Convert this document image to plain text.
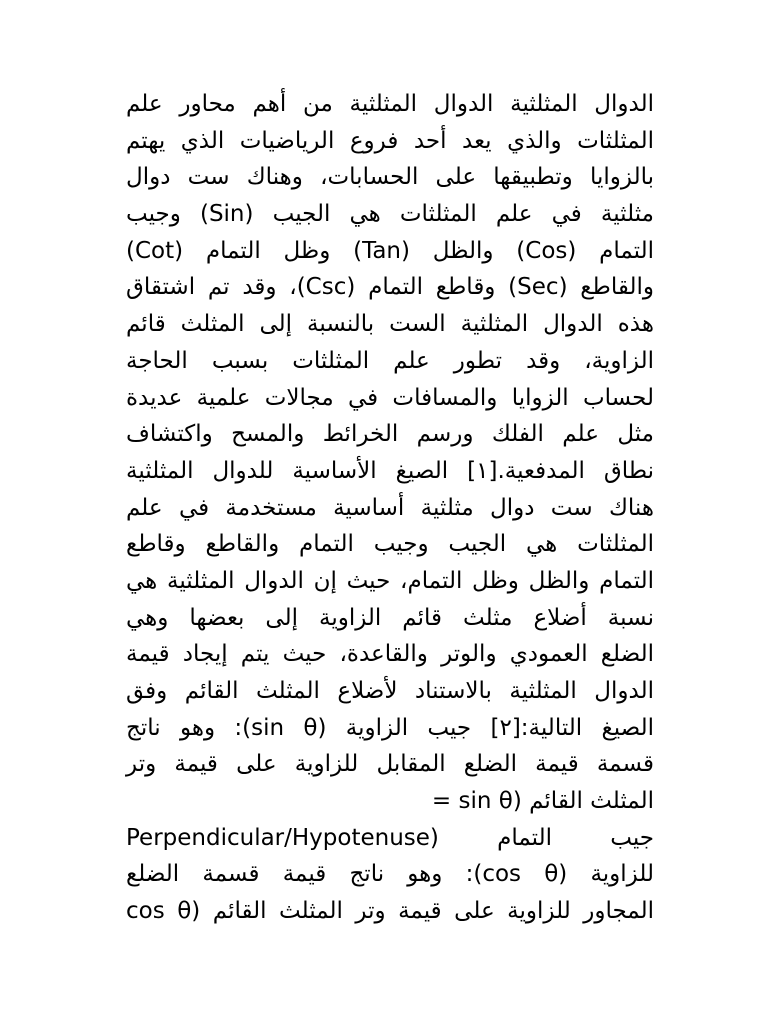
الدوال المثلثية الدوال المثلثية من أهم محاور علم
المثلثات والذي يعد أحد فروع الرياضيات الذي يهتم
بالزوايا وتطبيقها على الحسابات، وهناك ست دوال
مثلثية في علم المثلثات هي الجيب (Sin) وجيب
التمام (Cos) والظل (Tan) وظل التمام (Cot)
والقاطع (Sec) وقاطع التمام (Csc)، وقد تم اشتقاق
هذه الدوال المثلثية الست بالنسبة إلى المثلث قائم
الزاوية، وقد تطور علم المثلثات بسبب الحاجة
لحساب الزوايا والمسافات في مجالات علمية عديدة
مثل علم الفلك ورسم الخرائط والمسح واكتشاف
نطاق المدفعية.[١] الصيغ الأساسية للدوال المثلثية
هناك ست دوال مثلثية أساسية مستخدمة في علم
المثلثات هي الجيب وجيب التمام والقاطع وقاطع
التمام والظل وظل التمام، حيث إن الدوال المثلثية هي
نسبة أضلاع مثلث قائم الزاوية إلى بعضها وهي
الضلع العمودي والوتر والقاعدة، حيث يتم إيجاد قيمة
الدوال المثلثية بالاستناد لأضلاع المثلث القائم وفق
الصيغ التالية:[٢] جيب الزاوية (sin θ): وهو ناتج
قسمة قيمة الضلع المقابل للزاوية على قيمة وتر
المثلث القائم (sin θ =
Perpendicular/Hypotenuse) جيب التمام
للزاوية (cos θ): وهو ناتج قيمة قسمة الضلع
المجاور للزاوية على قيمة وتر المثلث القائم (cos θ
